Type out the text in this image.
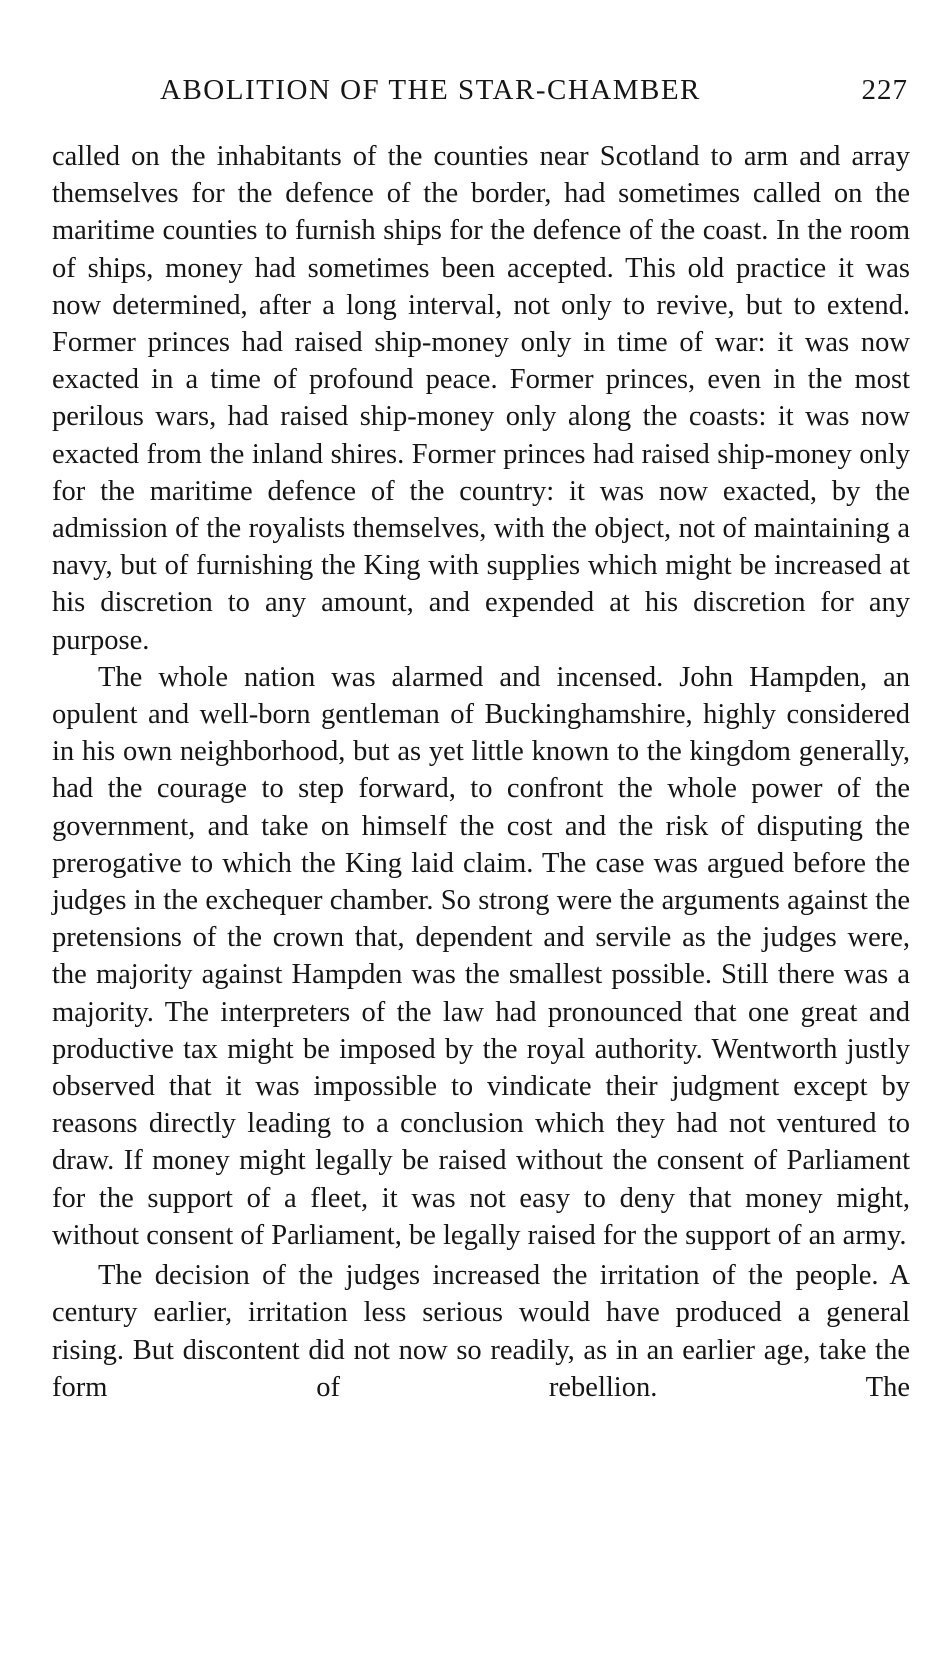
ABOLITION OF THE STAR-CHAMBER	227

called on the inhabitants of the counties near Scotland to arm and array themselves for the defence of the border, had sometimes called on the maritime counties to furnish ships for the defence of the coast. In the room of ships, money had sometimes been accepted. This old practice it was now determined, after a long interval, not only to revive, but to extend. Former princes had raised ship-money only in time of war: it was now exacted in a time of profound peace. Former princes, even in the most perilous wars, had raised ship-money only along the coasts: it was now exacted from the inland shires. Former princes had raised ship-money only for the maritime defence of the country: it was now exacted, by the admission of the royalists themselves, with the object, not of maintaining a navy, but of furnishing the King with supplies which might be increased at his discretion to any amount, and expended at his discretion for any purpose.

The whole nation was alarmed and incensed. John Hampden, an opulent and well-born gentleman of Buckinghamshire, highly considered in his own neighborhood, but as yet little known to the kingdom generally, had the courage to step forward, to confront the whole power of the government, and take on himself the cost and the risk of disputing the prerogative to which the King laid claim. The case was argued before the judges in the exchequer chamber. So strong were the arguments against the pretensions of the crown that, dependent and servile as the judges were, the majority against Hampden was the smallest possible. Still there was a majority. The interpreters of the law had pronounced that one great and productive tax might be imposed by the royal authority. Wentworth justly observed that it was impossible to vindicate their judgment except by reasons directly leading to a conclusion which they had not ventured to draw. If money might legally be raised without the consent of Parliament for the support of a fleet, it was not easy to deny that money might, without consent of Parliament, be legally raised for the support of an army.

The decision of the judges increased the irritation of the people. A century earlier, irritation less serious would have produced a general rising. But discontent did not now so readily, as in an earlier age, take the form of rebellion. The
